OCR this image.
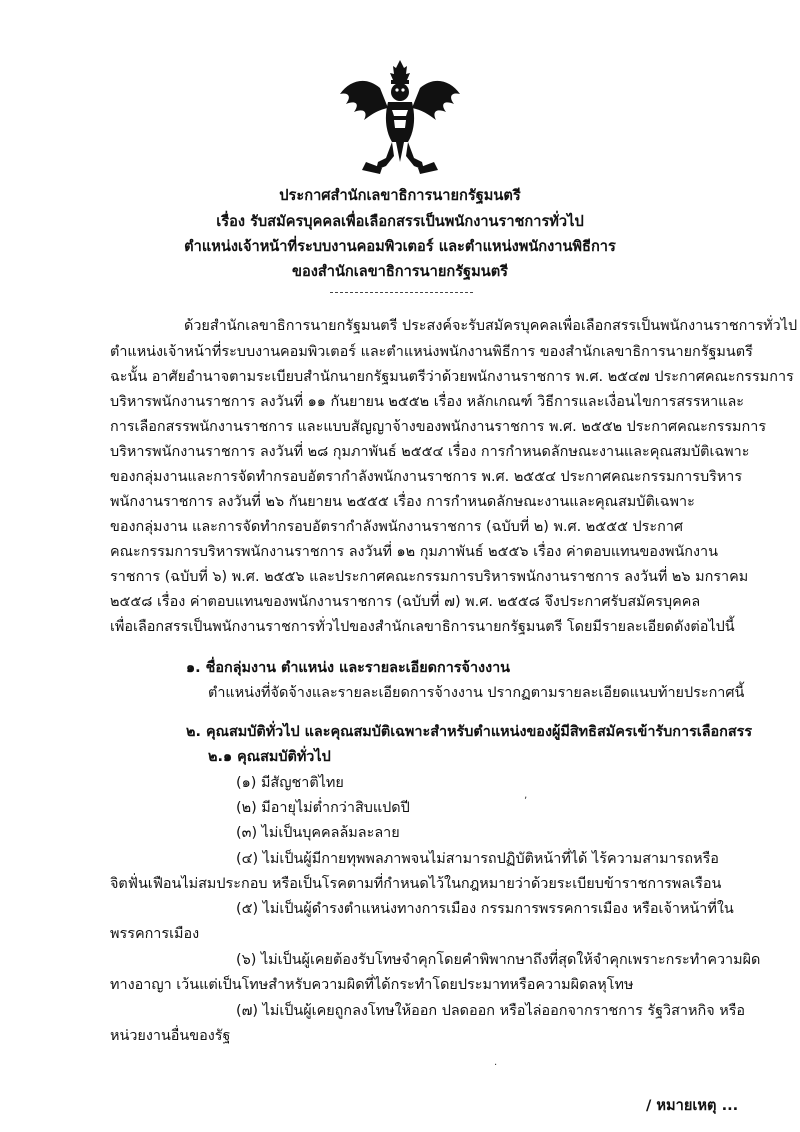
ประกาศสำนักเลขาธิการนายกรัฐมนตรี
เรื่อง รับสมัครบุคคลเพื่อเลือกสรรเป็นพนักงานราชการทั่วไป
ตำแหน่งเจ้าหน้าที่ระบบงานคอมพิวเตอร์ และตำแหน่งพนักงานพิธีการ
ของสำนักเลขาธิการนายกรัฐมนตรี
ด้วยสำนักเลขาธิการนายกรัฐมนตรี ประสงค์จะรับสมัครบุคคลเพื่อเลือกสรรเป็นพนักงานราชการทั่วไป
ตำแหน่งเจ้าหน้าที่ระบบงานคอมพิวเตอร์ และตำแหน่งพนักงานพิธีการ ของสำนักเลขาธิการนายกรัฐมนตรี
ฉะนั้น อาศัยอำนาจตามระเบียบสำนักนายกรัฐมนตรีว่าด้วยพนักงานราชการ พ.ศ. ๒๕๔๗ ประกาศคณะกรรมการ
บริหารพนักงานราชการ ลงวันที่ ๑๑ กันยายน ๒๕๕๒ เรื่อง หลักเกณฑ์ วิธีการและเงื่อนไขการสรรหาและ
การเลือกสรรพนักงานราชการ และแบบสัญญาจ้างของพนักงานราชการ พ.ศ. ๒๕๕๒ ประกาศคณะกรรมการ
บริหารพนักงานราชการ ลงวันที่ ๒๘ กุมภาพันธ์ ๒๕๕๔ เรื่อง การกำหนดลักษณะงานและคุณสมบัติเฉพาะ
ของกลุ่มงานและการจัดทำกรอบอัตรากำลังพนักงานราชการ พ.ศ. ๒๕๕๔ ประกาศคณะกรรมการบริหาร
พนักงานราชการ ลงวันที่ ๒๖ กันยายน ๒๕๕๕ เรื่อง การกำหนดลักษณะงานและคุณสมบัติเฉพาะ
ของกลุ่มงาน และการจัดทำกรอบอัตรากำลังพนักงานราชการ (ฉบับที่ ๒) พ.ศ. ๒๕๕๕ ประกาศ
คณะกรรมการบริหารพนักงานราชการ ลงวันที่ ๑๒ กุมภาพันธ์ ๒๕๕๖ เรื่อง ค่าตอบแทนของพนักงาน
ราชการ (ฉบับที่ ๖) พ.ศ. ๒๕๕๖ และประกาศคณะกรรมการบริหารพนักงานราชการ ลงวันที่ ๒๖ มกราคม
๒๕๕๘ เรื่อง ค่าตอบแทนของพนักงานราชการ (ฉบับที่ ๗) พ.ศ. ๒๕๕๘ จึงประกาศรับสมัครบุคคล
เพื่อเลือกสรรเป็นพนักงานราชการทั่วไปของสำนักเลขาธิการนายกรัฐมนตรี โดยมีรายละเอียดดังต่อไปนี้
๑. ชื่อกลุ่มงาน ตำแหน่ง และรายละเอียดการจ้างงาน
ตำแหน่งที่จัดจ้างและรายละเอียดการจ้างงาน ปรากฏตามรายละเอียดแนบท้ายประกาศนี้
๒. คุณสมบัติทั่วไป และคุณสมบัติเฉพาะสำหรับตำแหน่งของผู้มีสิทธิสมัครเข้ารับการเลือกสรร
๒.๑ คุณสมบัติทั่วไป
(๑) มีสัญชาติไทย
(๒) มีอายุไม่ต่ำกว่าสิบแปดปี
(๓) ไม่เป็นบุคคลล้มละลาย
(๔) ไม่เป็นผู้มีกายทุพพลภาพจนไม่สามารถปฏิบัติหน้าที่ได้ ไร้ความสามารถหรือ
จิตฟั่นเฟือนไม่สมประกอบ หรือเป็นโรคตามที่กำหนดไว้ในกฎหมายว่าด้วยระเบียบข้าราชการพลเรือน
(๕) ไม่เป็นผู้ดำรงตำแหน่งทางการเมือง กรรมการพรรคการเมือง หรือเจ้าหน้าที่ใน
พรรคการเมือง
(๖) ไม่เป็นผู้เคยต้องรับโทษจำคุกโดยคำพิพากษาถึงที่สุดให้จำคุกเพราะกระทำความผิด
ทางอาญา เว้นแต่เป็นโทษสำหรับความผิดที่ได้กระทำโดยประมาทหรือความผิดลหุโทษ
(๗) ไม่เป็นผู้เคยถูกลงโทษให้ออก ปลดออก หรือไล่ออกจากราชการ รัฐวิสาหกิจ หรือ
หน่วยงานอื่นของรัฐ
‚
·
/ หมายเหตุ ...
